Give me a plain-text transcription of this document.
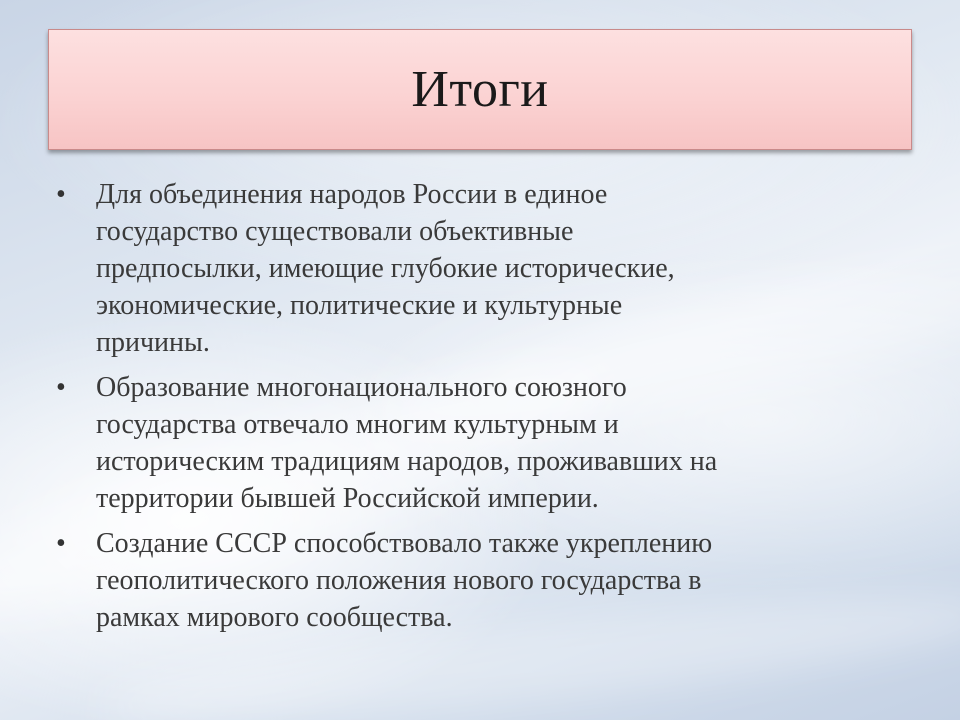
Итоги
•	Для объединения народов России в единое
государство существовали объективные
предпосылки, имеющие глубокие исторические,
экономические, политические и культурные
причины.
•	Образование многонационального союзного
государства отвечало многим культурным и
историческим традициям народов, проживавших на
территории бывшей Российской империи.
•	Создание СССР способствовало также укреплению
геополитического положения нового государства в
рамках мирового сообщества.
